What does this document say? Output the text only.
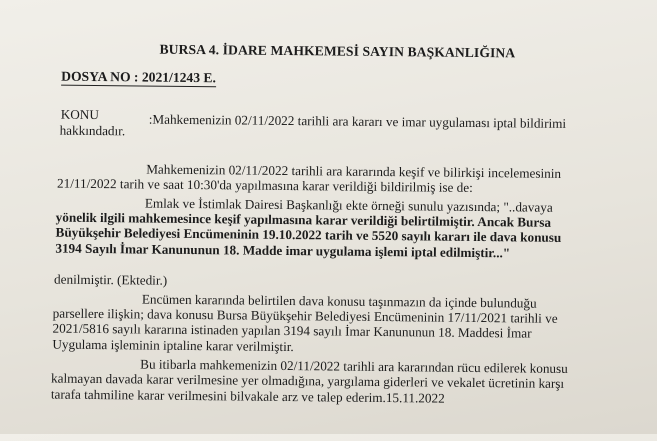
BURSA 4. İDARE MAHKEMESİ SAYIN BAŞKANLIĞINA
DOSYA NO : 2021/1243 E.
KONU	:Mahkemenizin 02/11/2022 tarihli ara kararı ve imar uygulaması iptal bildirimi
hakkındadır.
Mahkemenizin 02/11/2022 tarihli ara kararında keşif ve bilirkişi incelemesinin
21/11/2022 tarih ve saat 10:30'da yapılmasına karar verildiği bildirilmiş ise de:
Emlak ve İstimlak Dairesi Başkanlığı ekte örneği sunulu yazısında; "..davaya
yönelik ilgili mahkemesince keşif yapılmasına karar verildiği belirtilmiştir. Ancak Bursa
Büyükşehir Belediyesi Encümeninin 19.10.2022 tarih ve 5520 sayılı kararı ile dava konusu
3194 Sayılı İmar Kanununun 18. Madde imar uygulama işlemi iptal edilmiştir..."
denilmiştir. (Ektedir.)
Encümen kararında belirtilen dava konusu taşınmazın da içinde bulunduğu
parsellere ilişkin; dava konusu Bursa Büyükşehir Belediyesi Encümeninin 17/11/2021 tarihli ve
2021/5816 sayılı kararına istinaden yapılan 3194 sayılı İmar Kanununun 18. Maddesi İmar
Uygulama işleminin iptaline karar verilmiştir.
Bu itibarla mahkemenizin 02/11/2022 tarihli ara kararından rücu edilerek konusu
kalmayan davada karar verilmesine yer olmadığına, yargılama giderleri ve vekalet ücretinin karşı
tarafa tahmiline karar verilmesini bilvakale arz ve talep ederim.15.11.2022
